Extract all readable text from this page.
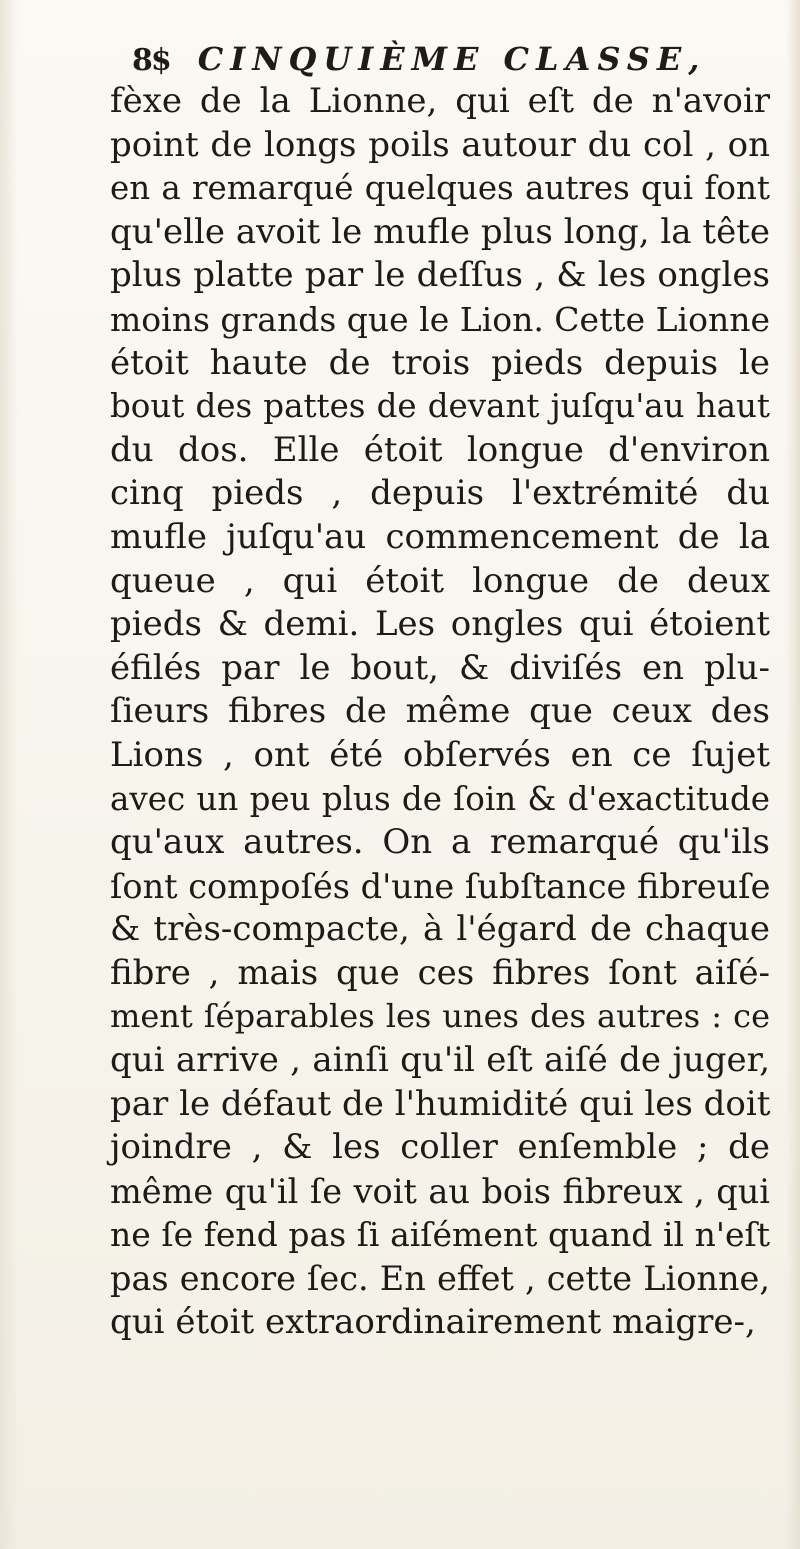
8$ CINQUIÈME CLASSE,
fèxe de la Lionne, qui eſt de n'avoir
point de longs poils autour du col , on
en a remarqué quelques autres qui font
qu'elle avoit le mufle plus long, la tête
plus platte par le deſſus , & les ongles
moins grands que le Lion. Cette Lionne
étoit haute de trois pieds depuis le
bout des pattes de devant juſqu'au haut
du dos. Elle étoit longue d'environ
cinq pieds , depuis l'extrémité du
mufle juſqu'au commencement de la
queue , qui étoit longue de deux
pieds & demi. Les ongles qui étoient
éfilés par le bout, & diviſés en plu-
ſieurs fibres de même que ceux des
Lions , ont été obſervés en ce ſujet
avec un peu plus de ſoin & d'exactitude
qu'aux autres. On a remarqué qu'ils
ſont compoſés d'une ſubſtance fibreuſe
& très-compacte, à l'égard de chaque
fibre , mais que ces fibres ſont aiſé-
ment ſéparables les unes des autres : ce
qui arrive , ainſi qu'il eſt aiſé de juger,
par le défaut de l'humidité qui les doit
joindre , & les coller enſemble ; de
même qu'il ſe voit au bois fibreux , qui
ne ſe fend pas ſi aiſément quand il n'eſt
pas encore ſec. En effet , cette Lionne,
qui étoit extraordinairement maigre-,
